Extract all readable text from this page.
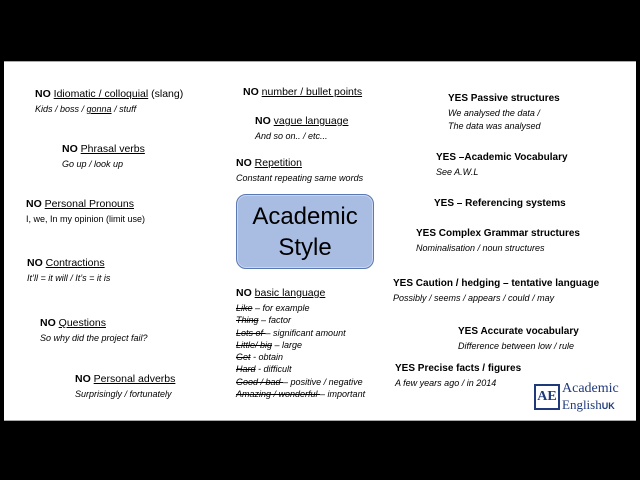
NO Idiomatic / colloquial (slang)
Kids / boss / gonna / stuff
NO Phrasal verbs
Go up / look up
NO Personal Pronouns
I, we, In my opinion (limit use)
NO Contractions
It’ll = it will / It’s = it is
NO Questions
So why did the project fail?
NO Personal adverbs
Surprisingly / fortunately
NO number / bullet points
NO vague language
And so on.. / etc...
NO Repetition
Constant repeating same words
Academic
Style
NO basic language
Like – for example
Thing – factor
Lots of – significant amount
Little/ big – large
Get - obtain
Hard - difficult
Good / bad – positive / negative
Amazing / wonderful – important
YES Passive structures
We analysed the data /
The data was analysed
YES –Academic Vocabulary
See A.W.L
YES – Referencing systems
YES Complex Grammar structures
Nominalisation / noun structures
YES Caution / hedging – tentative language
Possibly / seems / appears / could / may
YES Accurate vocabulary
Difference between low / rule
YES Precise facts / figures
A few years ago / in 2014
AE
Academic
EnglishUK
